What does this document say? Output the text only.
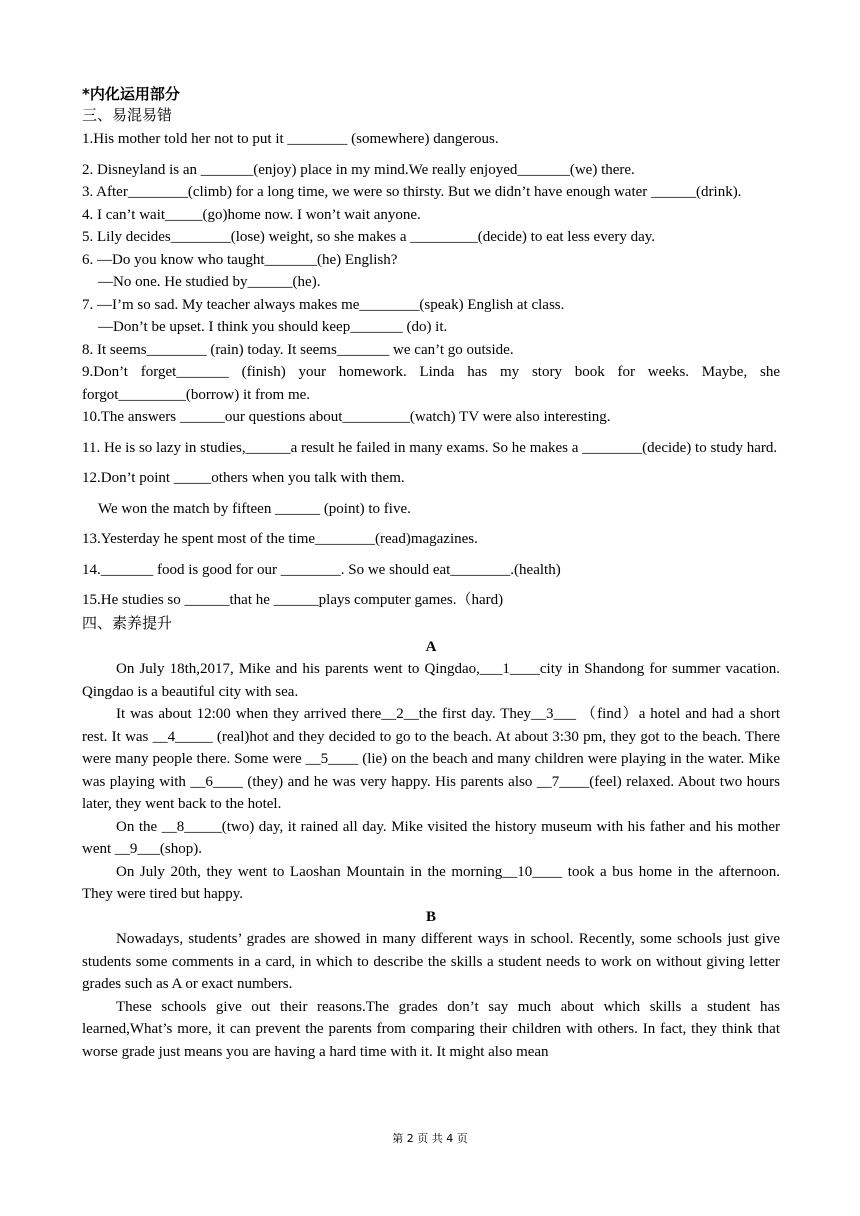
*内化运用部分

三、易混易错

1.His mother told her not to put it ________ (somewhere) dangerous.

2. Disneyland is an _______(enjoy) place in my mind.We really enjoyed_______(we) there.

3. After________(climb) for a long time, we were so thirsty. But we didn’t have enough water ______(drink).

4. I can’t wait_____(go)home now. I won’t wait anyone.

5. Lily decides________(lose) weight, so she makes a _________(decide) to eat less every day.

6. —Do you know who taught_______(he) English?

—No one. He studied by______(he).

7. —I’m so sad. My teacher always makes me________(speak) English at class.

—Don’t be upset. I think you should keep_______ (do) it.

8. It seems________ (rain) today. It seems_______ we can’t go outside.

9.Don’t forget_______ (finish) your homework. Linda has my story book for weeks. Maybe, she forgot_________(borrow) it from me.

10.The answers ______our questions about_________(watch) TV were also interesting.

11. He is so lazy in studies,______a result he failed in many exams. So he makes a ________(decide) to study hard.

12.Don’t point _____others when you talk with them.

We won the match by fifteen ______ (point) to five.

13.Yesterday he spent most of the time________(read)magazines.

14._______ food is good for our ________. So we should eat________.(health)

15.He studies so ______that he ______plays computer games.（hard)

四、素养提升

A

On July 18th,2017, Mike and his parents went to Qingdao,___1____city in Shandong for summer vacation. Qingdao is a beautiful city with sea.

It was about 12:00 when they arrived there__2__the first day. They__3___ （find）a hotel and had a short rest. It was __4_____ (real)hot and they decided to go to the beach. At about 3:30 pm, they got to the beach. There were many people there. Some were __5____ (lie) on the beach and many children were playing in the water. Mike was playing with __6____ (they) and he was very happy. His parents also __7____(feel) relaxed. About two hours later, they went back to the hotel.

On the __8_____(two) day, it rained all day. Mike visited the history museum with his father and his mother went __9___(shop).

On July 20th, they went to Laoshan Mountain in the morning__10____ took a bus home in the afternoon. They were tired but happy.

B

Nowadays, students’ grades are showed in many different ways in school. Recently, some schools just give students some comments in a card, in which to describe the skills a student needs to work on without giving letter grades such as A or exact numbers.

These schools give out their reasons.The grades don’t say much about which skills a student has learned,What’s more, it can prevent the parents from comparing their children with others. In fact, they think that worse grade just means you are having a hard time with it. It might also mean

第 2 页 共 4 页
